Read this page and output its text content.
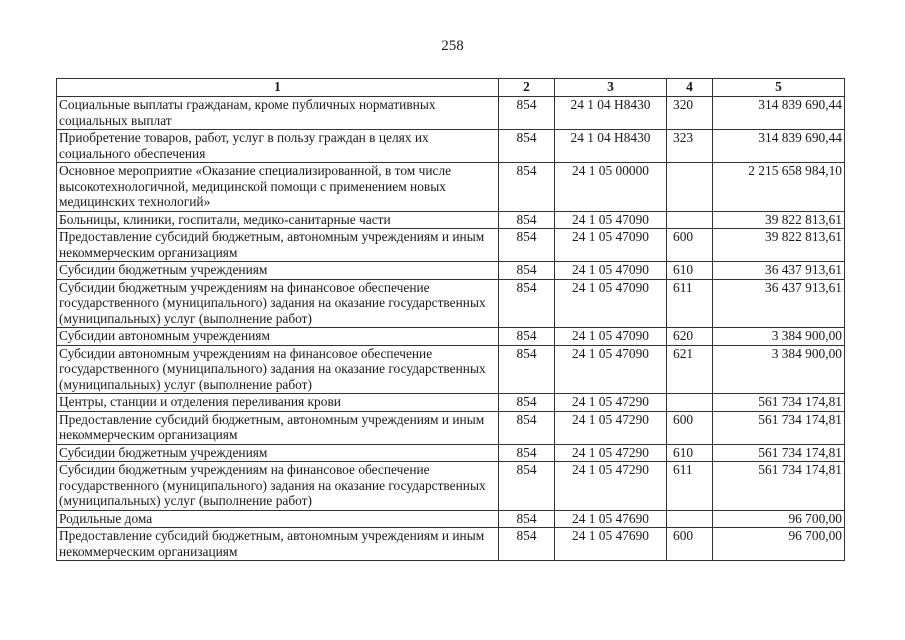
258
1	2	3	4	5
Социальные выплаты гражданам, кроме публичных нормативных социальных выплат	854	24 1 04 Н8430	320	314 839 690,44
Приобретение товаров, работ, услуг в пользу граждан в целях их социального обеспечения	854	24 1 04 Н8430	323	314 839 690,44
Основное мероприятие «Оказание специализированной, в том числе высокотехнологичной, медицинской помощи с применением новых медицинских технологий»	854	24 1 05 00000		2 215 658 984,10
Больницы, клиники, госпитали, медико-санитарные части	854	24 1 05 47090		39 822 813,61
Предоставление субсидий бюджетным, автономным учреждениям и иным некоммерческим организациям	854	24 1 05 47090	600	39 822 813,61
Субсидии бюджетным учреждениям	854	24 1 05 47090	610	36 437 913,61
Субсидии бюджетным учреждениям на финансовое обеспечение государственного (муниципального) задания на оказание государственных (муниципальных) услуг (выполнение работ)	854	24 1 05 47090	611	36 437 913,61
Субсидии автономным учреждениям	854	24 1 05 47090	620	3 384 900,00
Субсидии автономным учреждениям на финансовое обеспечение государственного (муниципального) задания на оказание государственных (муниципальных) услуг (выполнение работ)	854	24 1 05 47090	621	3 384 900,00
Центры, станции и отделения переливания крови	854	24 1 05 47290		561 734 174,81
Предоставление субсидий бюджетным, автономным учреждениям и иным некоммерческим организациям	854	24 1 05 47290	600	561 734 174,81
Субсидии бюджетным учреждениям	854	24 1 05 47290	610	561 734 174,81
Субсидии бюджетным учреждениям на финансовое обеспечение государственного (муниципального) задания на оказание государственных (муниципальных) услуг (выполнение работ)	854	24 1 05 47290	611	561 734 174,81
Родильные дома	854	24 1 05 47690		96 700,00
Предоставление субсидий бюджетным, автономным учреждениям и иным некоммерческим организациям	854	24 1 05 47690	600	96 700,00
